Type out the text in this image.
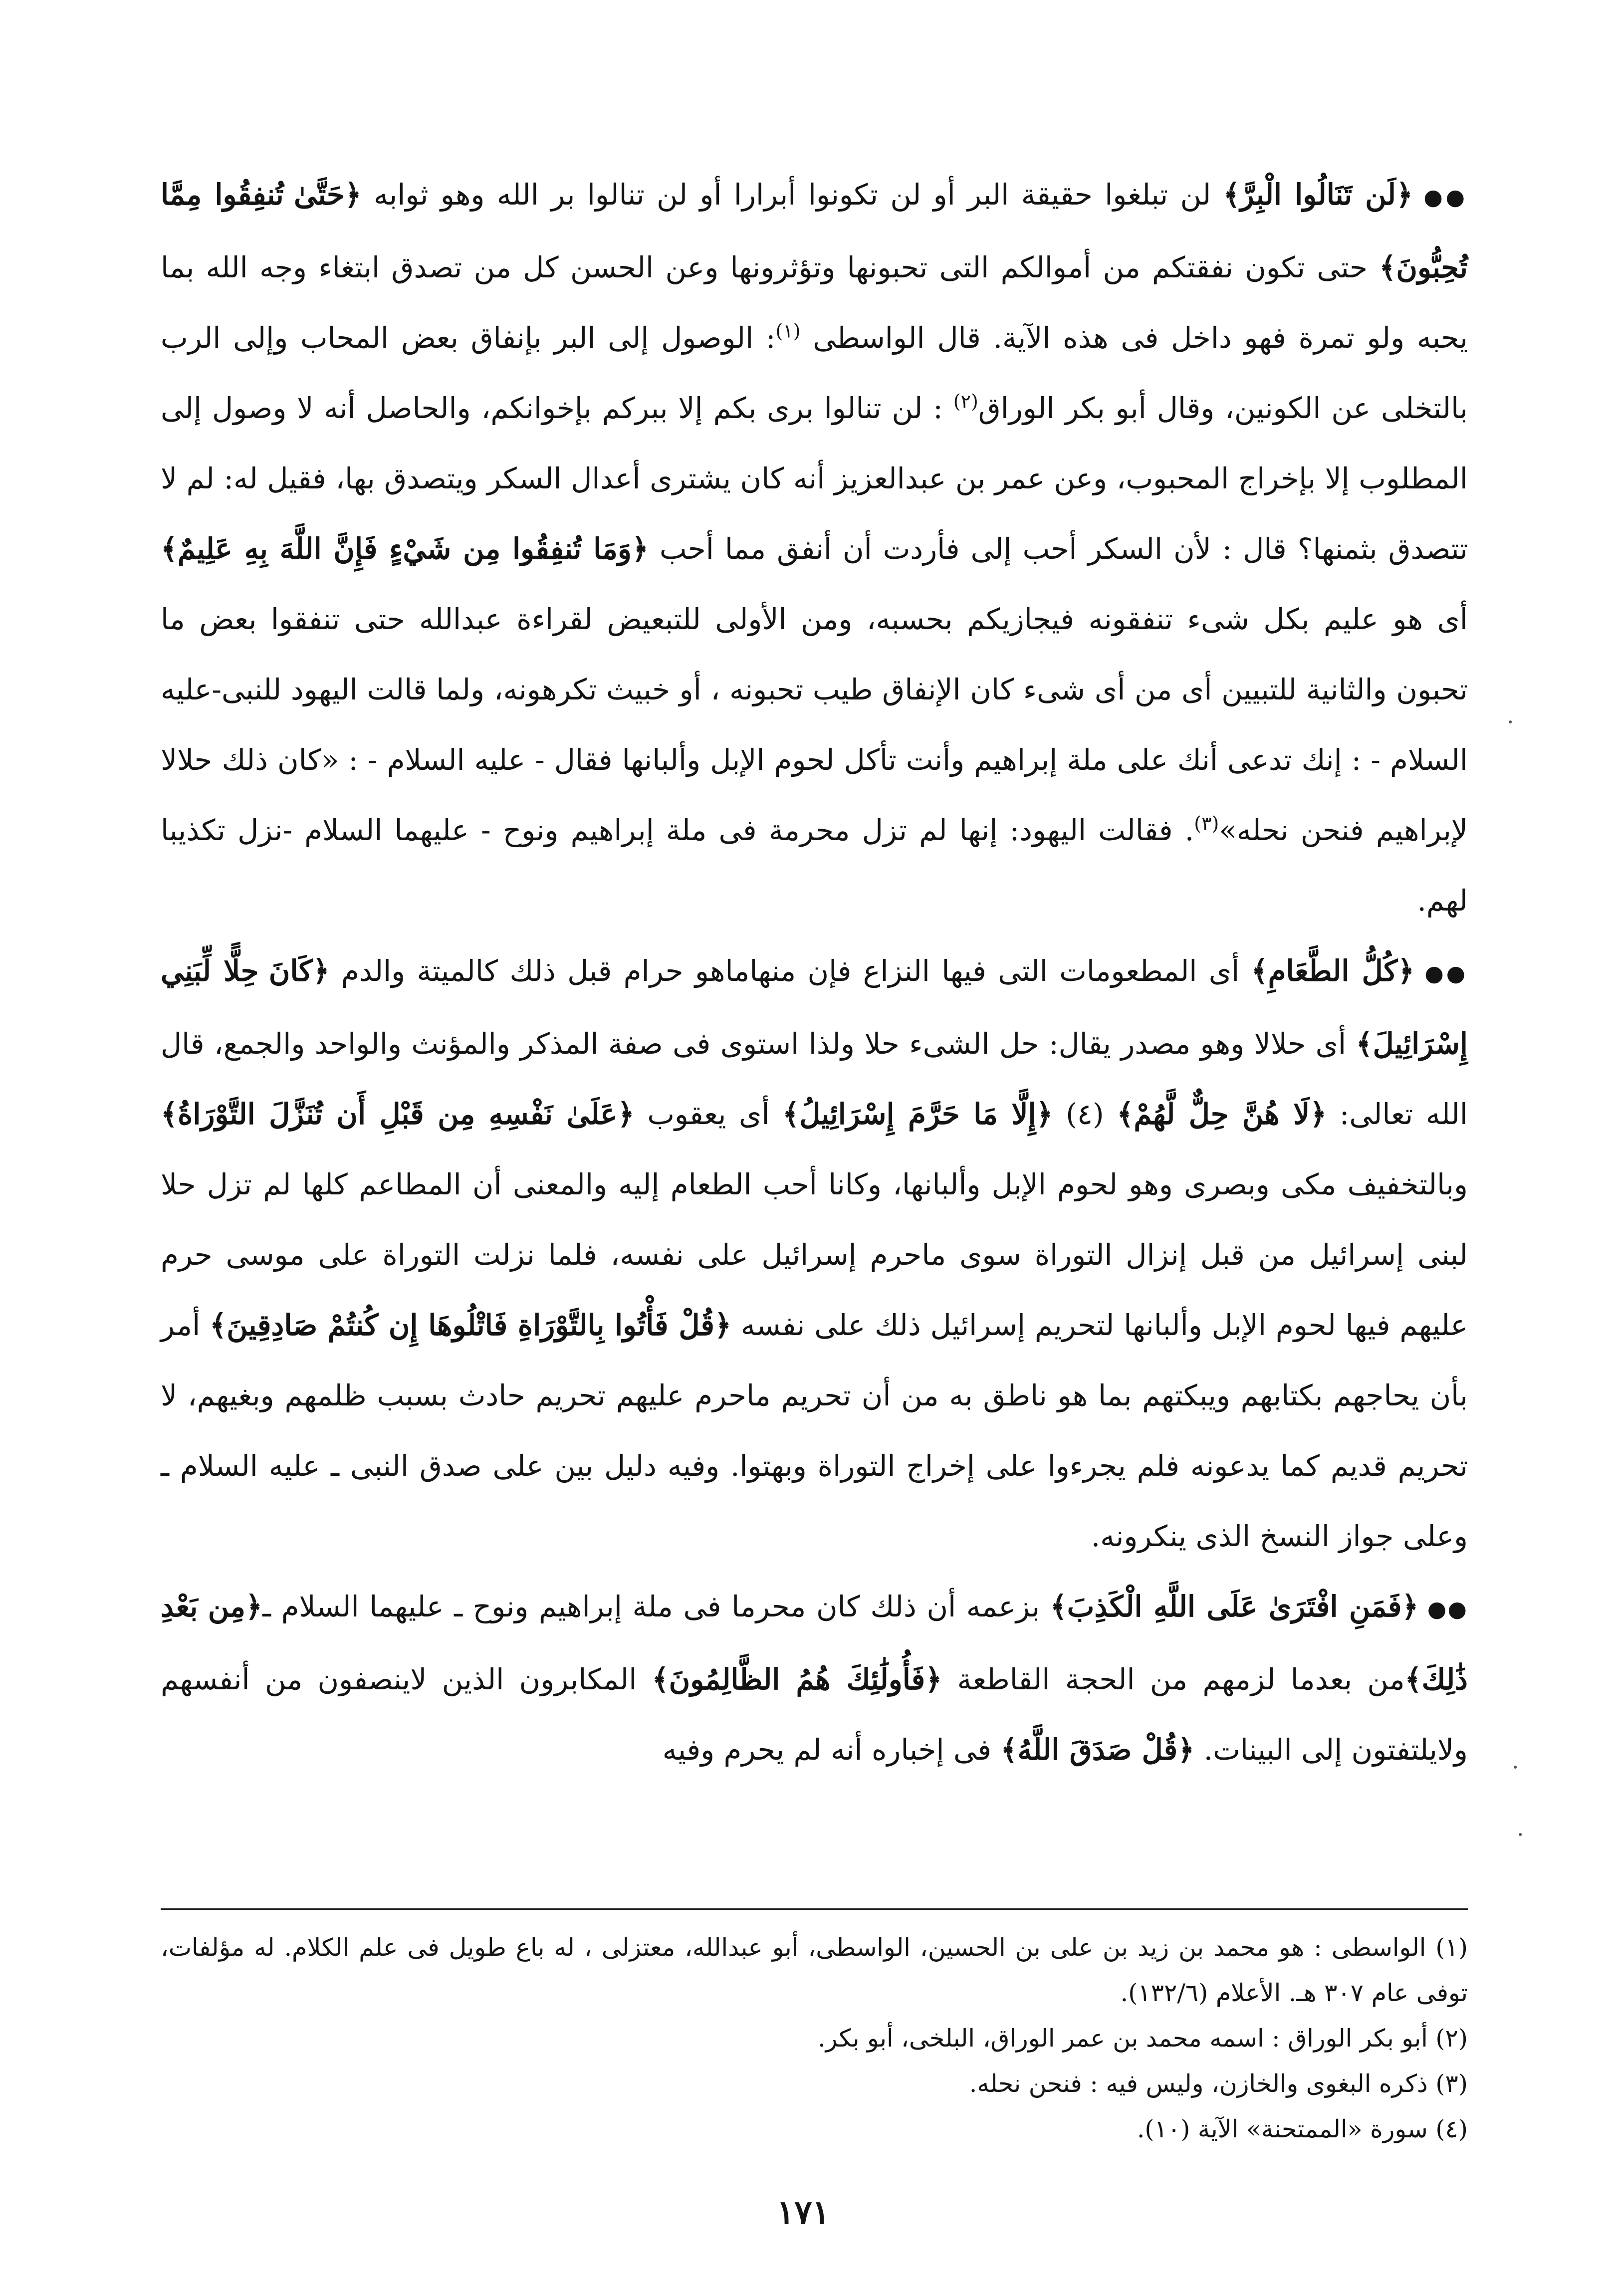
●● ﴿لَن تَنَالُوا الْبِرَّ﴾ لن تبلغوا حقيقة البر أو لن تكونوا أبرارا أو لن تنالوا بر الله وهو ثوابه ﴿حَتَّىٰ تُنفِقُوا مِمَّا تُحِبُّونَ﴾ حتى تكون نفقتكم من أموالكم التى تحبونها وتؤثرونها وعن الحسن كل من تصدق ابتغاء وجه الله بما يحبه ولو تمرة فهو داخل فى هذه الآية. قال الواسطى $^{(١)}$: الوصول إلى البر بإنفاق بعض المحاب وإلى الرب بالتخلى عن الكونين، وقال أبو بكر الوراق$^{(٢)}$ : لن تنالوا برى بكم إلا ببركم بإخوانكم، والحاصل أنه لا وصول إلى المطلوب إلا بإخراج المحبوب، وعن عمر بن عبدالعزيز أنه كان يشترى أعدال السكر ويتصدق بها، فقيل له: لم لا تتصدق بثمنها؟ قال : لأن السكر أحب إلى فأردت أن أنفق مما أحب ﴿وَمَا تُنفِقُوا مِن شَيْءٍ فَإِنَّ اللَّهَ بِهِ عَلِيمٌ﴾ أى هو عليم بكل شىء تنفقونه فيجازيكم بحسبه، ومن الأولى للتبعيض لقراءة عبدالله حتى تنفقوا بعض ما تحبون والثانية للتبيين أى من أى شىء كان الإنفاق طيب تحبونه ، أو خبيث تكرهونه، ولما قالت اليهود للنبى-عليه السلام - : إنك تدعى أنك على ملة إبراهيم وأنت تأكل لحوم الإبل وألبانها فقال - عليه السلام - : «كان ذلك حلالا لإبراهيم فنحن نحله»$^{(٣)}$. فقالت اليهود: إنها لم تزل محرمة فى ملة إبراهيم ونوح - عليهما السلام -نزل تكذيبا لهم.

●● ﴿كُلُّ الطَّعَامِ﴾ أى المطعومات التى فيها النزاع فإن منهاماهو حرام قبل ذلك كالميتة والدم ﴿كَانَ حِلًّا لِّبَنِي إِسْرَائِيلَ﴾ أى حلالا وهو مصدر يقال: حل الشىء حلا ولذا استوى فى صفة المذكر والمؤنث والواحد والجمع، قال الله تعالى: ﴿لَا هُنَّ حِلٌّ لَّهُمْ﴾ (٤) ﴿إِلَّا مَا حَرَّمَ إِسْرَائِيلُ﴾ أى يعقوب ﴿عَلَىٰ نَفْسِهِ مِن قَبْلِ أَن تُنَزَّلَ التَّوْرَاةُ﴾ وبالتخفيف مكى وبصرى وهو لحوم الإبل وألبانها، وكانا أحب الطعام إليه والمعنى أن المطاعم كلها لم تزل حلا لبنى إسرائيل من قبل إنزال التوراة سوى ماحرم إسرائيل على نفسه، فلما نزلت التوراة على موسى حرم عليهم فيها لحوم الإبل وألبانها لتحريم إسرائيل ذلك على نفسه ﴿قُلْ فَأْتُوا بِالتَّوْرَاةِ فَاتْلُوهَا إِن كُنتُمْ صَادِقِينَ﴾ أمر بأن يحاجهم بكتابهم ويبكتهم بما هو ناطق به من أن تحريم ماحرم عليهم تحريم حادث بسبب ظلمهم وبغيهم، لا تحريم قديم كما يدعونه فلم يجرءوا على إخراج التوراة وبهتوا. وفيه دليل بين على صدق النبى ـ عليه السلام ـ وعلى جواز النسخ الذى ينكرونه.

●● ﴿فَمَنِ افْتَرَىٰ عَلَى اللَّهِ الْكَذِبَ﴾ بزعمه أن ذلك كان محرما فى ملة إبراهيم ونوح ـ عليهما السلام ـ﴿مِن بَعْدِ ذَٰلِكَ﴾من بعدما لزمهم من الحجة القاطعة ﴿فَأُولَٰئِكَ هُمُ الظَّالِمُونَ﴾ المكابرون الذين لاينصفون من أنفسهم ولايلتفتون إلى البينات. ﴿قُلْ صَدَقَ اللَّهُ﴾ فى إخباره أنه لم يحرم وفيه

(١) الواسطى : هو محمد بن زيد بن على بن الحسين، الواسطى، أبو عبدالله، معتزلى ، له باع طويل فى علم الكلام. له مؤلفات، توفى عام ٣٠٧ هـ. الأعلام (١٣٢/٦).

(٢) أبو بكر الوراق : اسمه محمد بن عمر الوراق، البلخى، أبو بكر.

(٣) ذكره البغوى والخازن، وليس فيه : فنحن نحله.

(٤) سورة «الممتحنة» الآية (١٠).

١٧١
·
·
·
